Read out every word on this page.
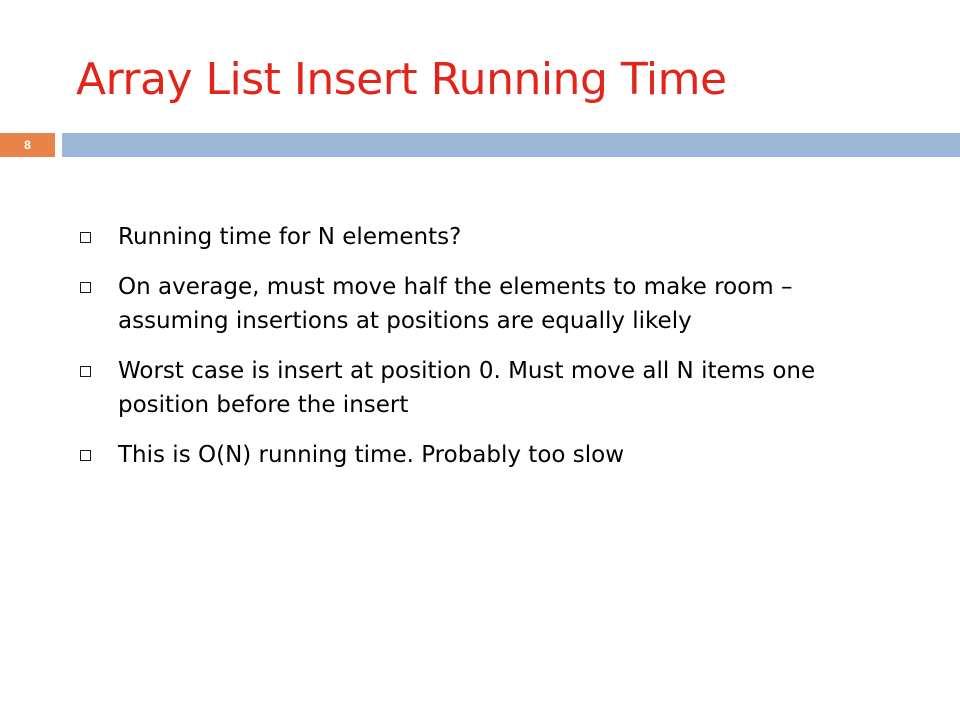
Array List Insert Running Time
8
Running time for N elements?
On average, must move half the elements to make room – assuming insertions at positions are equally likely
Worst case is insert at position 0. Must move all N items one position before the insert
This is O(N) running time. Probably too slow
